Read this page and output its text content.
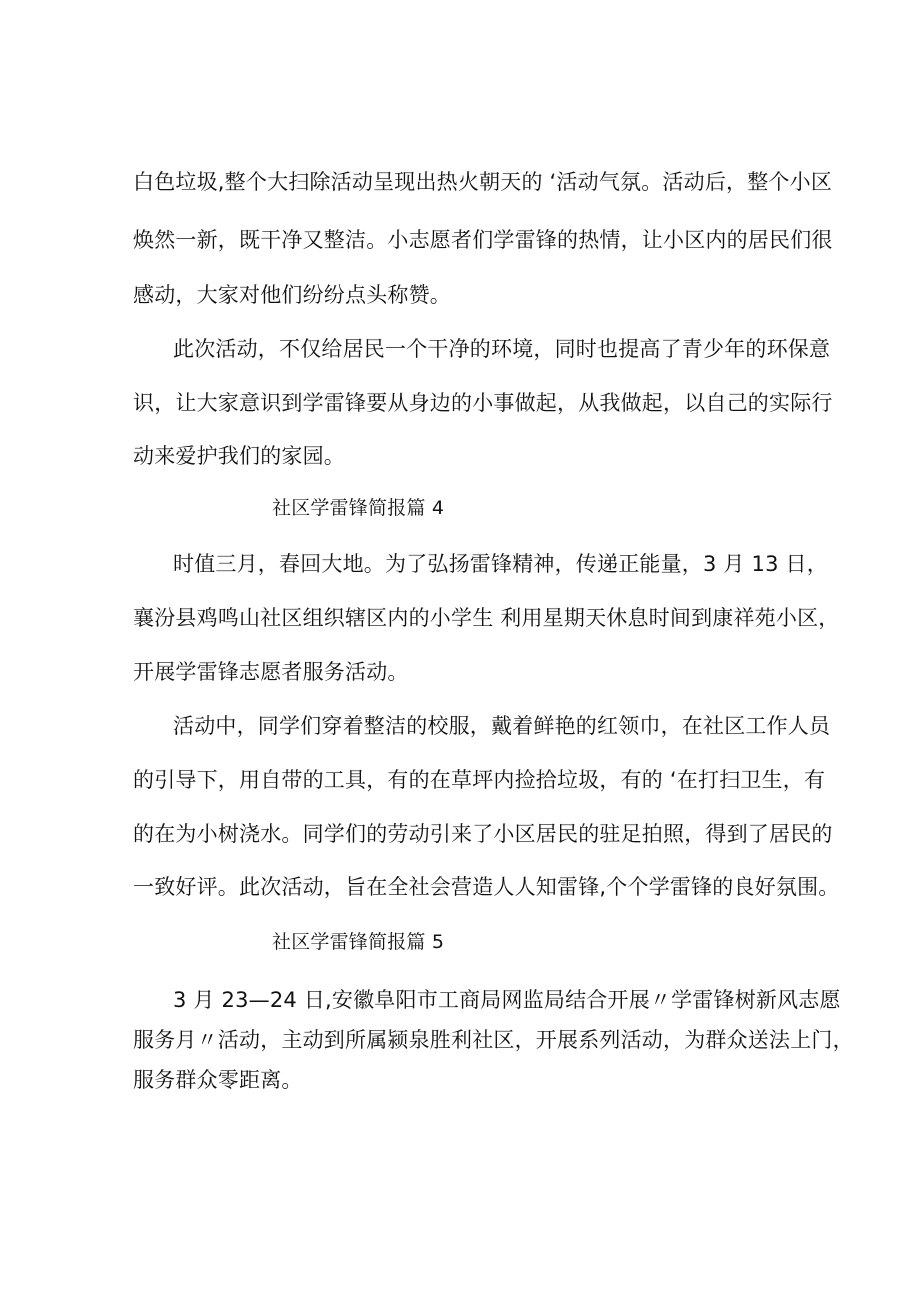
白色垃圾,整个大扫除活动呈现出热火朝天的 ‘活动气氛。活动后，整个小区
焕然一新，既干净又整洁。小志愿者们学雷锋的热情，让小区内的居民们很
感动，大家对他们纷纷点头称赞。
此次活动，不仅给居民一个干净的环境，同时也提高了青少年的环保意
识，让大家意识到学雷锋要从身边的小事做起，从我做起，以自己的实际行
动来爱护我们的家园。
社区学雷锋简报篇 4
时值三月，春回大地。为了弘扬雷锋精神，传递正能量，3 月 13 日，
襄汾县鸡鸣山社区组织辖区内的小学生 利用星期天休息时间到康祥苑小区，
开展学雷锋志愿者服务活动。
活动中，同学们穿着整洁的校服，戴着鲜艳的红领巾，在社区工作人员
的引导下，用自带的工具，有的在草坪内捡拾垃圾，有的 ‘在打扫卫生，有
的在为小树浇水。同学们的劳动引来了小区居民的驻足拍照，得到了居民的
一致好评。此次活动，旨在全社会营造人人知雷锋,个个学雷锋的良好氛围。
社区学雷锋简报篇 5
3 月 23—24 日,安徽阜阳市工商局网监局结合开展〃学雷锋树新风志愿
服务月〃活动，主动到所属颍泉胜利社区，开展系列活动，为群众送法上门，
服务群众零距离。
